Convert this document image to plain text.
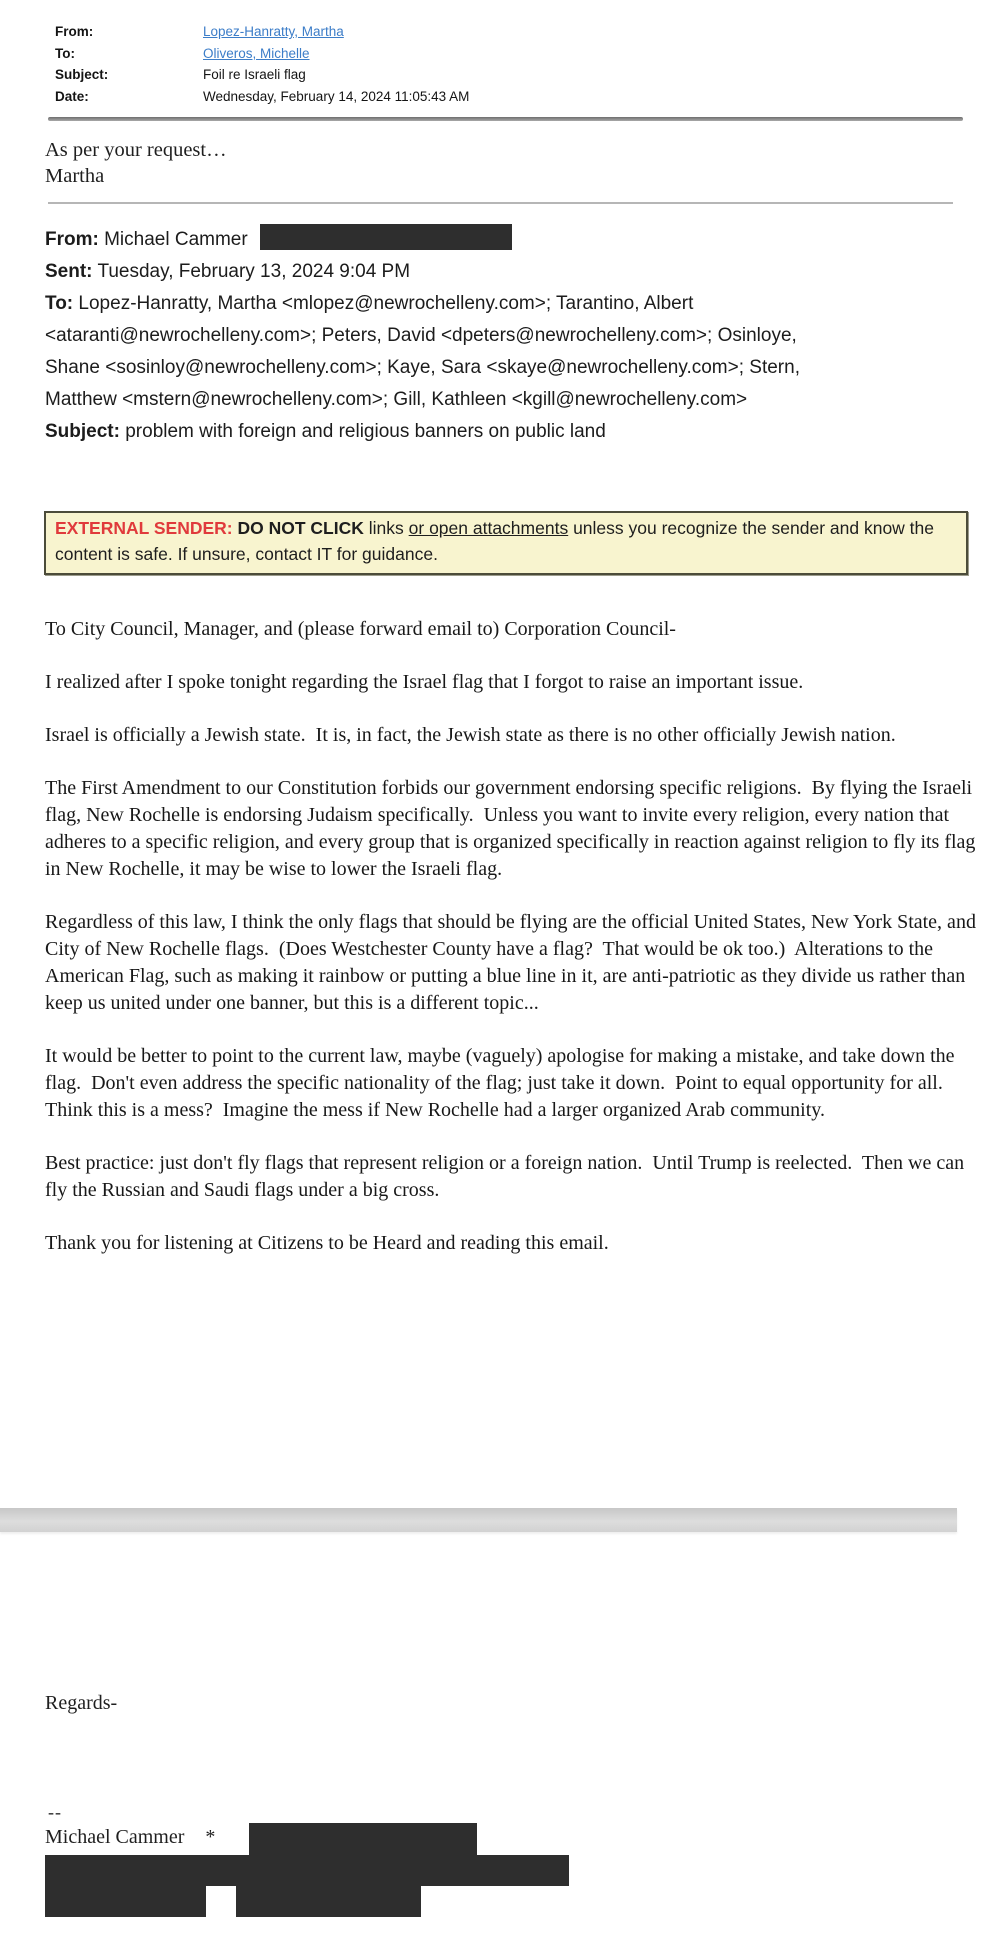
From:	Lopez-Hanratty, Martha
To:	Oliveros, Michelle
Subject:	Foil re Israeli flag
Date:	Wednesday, February 14, 2024 11:05:43 AM
As per your request…
Martha
From: Michael Cammer
Sent: Tuesday, February 13, 2024 9:04 PM
To: Lopez-Hanratty, Martha <mlopez@newrochelleny.com>; Tarantino, Albert
<ataranti@newrochelleny.com>; Peters, David <dpeters@newrochelleny.com>; Osinloye,
Shane <sosinloy@newrochelleny.com>; Kaye, Sara <skaye@newrochelleny.com>; Stern,
Matthew <mstern@newrochelleny.com>; Gill, Kathleen <kgill@newrochelleny.com>
Subject: problem with foreign and religious banners on public land
EXTERNAL SENDER: DO NOT CLICK links or open attachments unless you recognize the sender and know the content is safe. If unsure, contact IT for guidance.

To City Council, Manager, and (please forward email to) Corporation Council-

I realized after I spoke tonight regarding the Israel flag that I forgot to raise an important issue.

Israel is officially a Jewish state.  It is, in fact, the Jewish state as there is no other officially Jewish nation.

The First Amendment to our Constitution forbids our government endorsing specific religions.  By flying the Israeli flag, New Rochelle is endorsing Judaism specifically.  Unless you want to invite every religion, every nation that adheres to a specific religion, and every group that is organized specifically in reaction against religion to fly its flag in New Rochelle, it may be wise to lower the Israeli flag.

Regardless of this law, I think the only flags that should be flying are the official United States, New York State, and City of New Rochelle flags.  (Does Westchester County have a flag?  That would be ok too.)  Alterations to the American Flag, such as making it rainbow or putting a blue line in it, are anti-patriotic as they divide us rather than keep us united under one banner, but this is a different topic...

It would be better to point to the current law, maybe (vaguely) apologise for making a mistake, and take down the flag.  Don't even address the specific nationality of the flag; just take it down.  Point to equal opportunity for all.  Think this is a mess?  Imagine the mess if New Rochelle had a larger organized Arab community.

Best practice: just don't fly flags that represent religion or a foreign nation.  Until Trump is reelected.  Then we can fly the Russian and Saudi flags under a big cross.

Thank you for listening at Citizens to be Heard and reading this email.

Regards-
--
Michael Cammer *
